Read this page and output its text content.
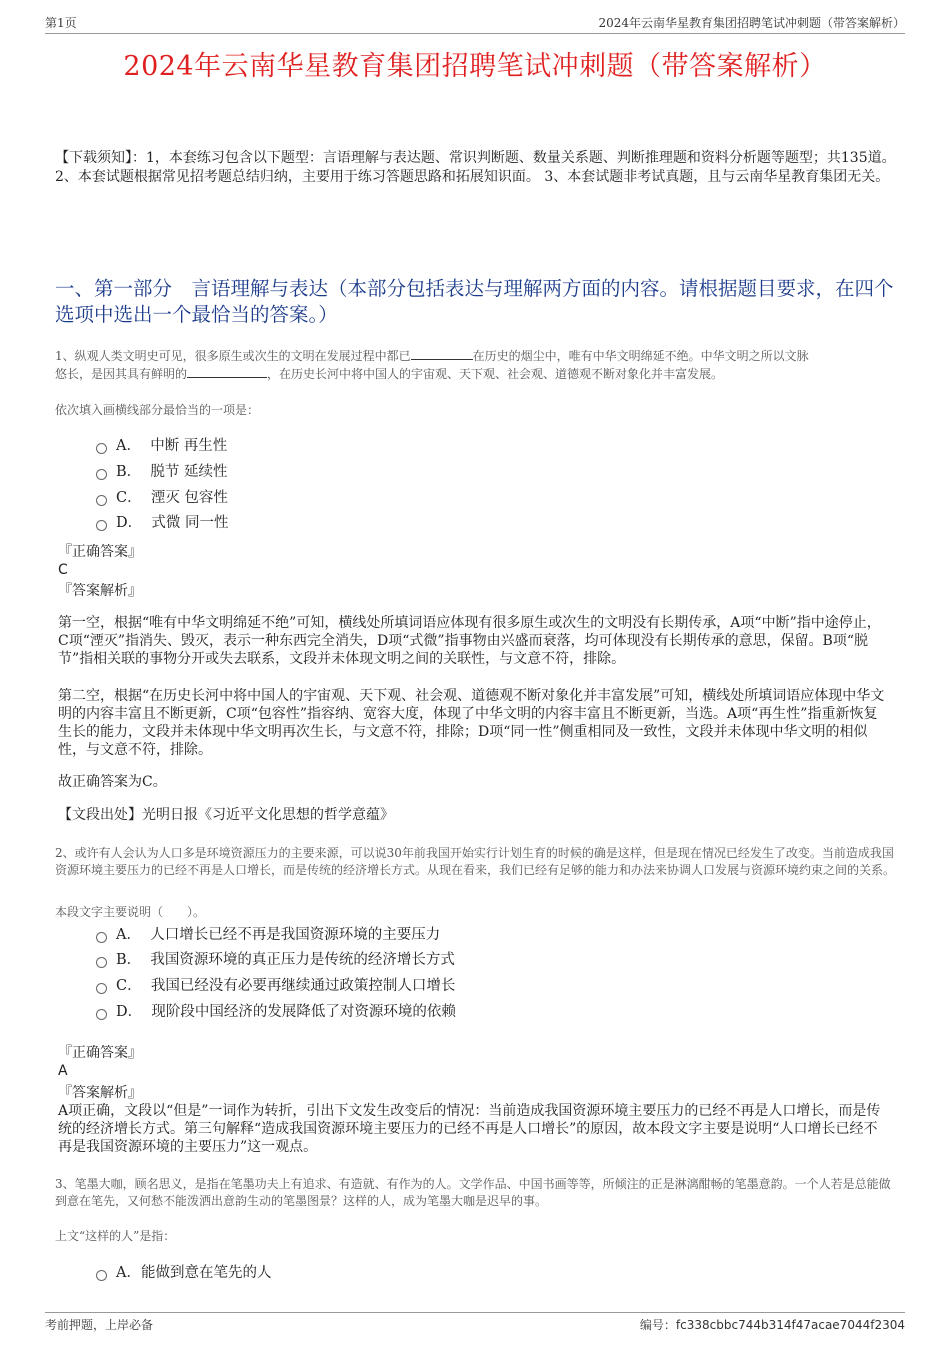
第1页	2024年云南华星教育集团招聘笔试冲刺题（带答案解析）
2024年云南华星教育集团招聘笔试冲刺题（带答案解析）
【下载须知】：1，本套练习包含以下题型：言语理解与表达题、常识判断题、数量关系题、判断推理题和资料分析题等题型；共135道。 2、本套试题根据常见招考题总结归纳，主要用于练习答题思路和拓展知识面。 3、本套试题非考试真题，且与云南华星教育集团无关。
一、第一部分　言语理解与表达（本部分包括表达与理解两方面的内容。请根据题目要求，在四个选项中选出一个最恰当的答案。）
1、纵观人类文明史可见，很多原生或次生的文明在发展过程中都已	在历史的烟尘中，唯有中华文明绵延不绝。中华文明之所以文脉
悠长，是因其具有鲜明的	，在历史长河中将中国人的宇宙观、天下观、社会观、道德观不断对象化并丰富发展。
依次填入画横线部分最恰当的一项是：
A． 中断 再生性
B． 脱节 延续性
C． 湮灭 包容性
D． 式微 同一性
『正确答案』
C
『答案解析』
第一空，根据“唯有中华文明绵延不绝”可知，横线处所填词语应体现有很多原生或次生的文明没有长期传承，A项“中断”指中途停止，C项“湮灭”指消失、毁灭，表示一种东西完全消失，D项“式微”指事物由兴盛而衰落，均可体现没有长期传承的意思，保留。B项“脱节”指相关联的事物分开或失去联系，文段并未体现文明之间的关联性，与文意不符，排除。
第二空，根据“在历史长河中将中国人的宇宙观、天下观、社会观、道德观不断对象化并丰富发展”可知，横线处所填词语应体现中华文明的内容丰富且不断更新，C项“包容性”指容纳、宽容大度，体现了中华文明的内容丰富且不断更新，当选。A项“再生性”指重新恢复生长的能力，文段并未体现中华文明再次生长，与文意不符，排除；D项“同一性”侧重相同及一致性，文段并未体现中华文明的相似性，与文意不符，排除。
故正确答案为C。
【文段出处】光明日报《习近平文化思想的哲学意蕴》
2、或许有人会认为人口多是环境资源压力的主要来源，可以说30年前我国开始实行计划生育的时候的确是这样，但是现在情况已经发生了改变。当前造成我国资源环境主要压力的已经不再是人口增长，而是传统的经济增长方式。从现在看来，我们已经有足够的能力和办法来协调人口发展与资源环境约束之间的关系。
本段文字主要说明（　　）。
A． 人口增长已经不再是我国资源环境的主要压力
B． 我国资源环境的真正压力是传统的经济增长方式
C． 我国已经没有必要再继续通过政策控制人口增长
D． 现阶段中国经济的发展降低了对资源环境的依赖
『正确答案』
A
『答案解析』
A项正确，文段以“但是”一词作为转折，引出下文发生改变后的情况：当前造成我国资源环境主要压力的已经不再是人口增长，而是传统的经济增长方式。第三句解释“造成我国资源环境主要压力的已经不再是人口增长”的原因，故本段文字主要是说明“人口增长已经不再是我国资源环境的主要压力”这一观点。
3、笔墨大咖，顾名思义，是指在笔墨功夫上有追求、有造就、有作为的人。文学作品、中国书画等等，所倾注的正是淋漓酣畅的笔墨意韵。一个人若是总能做到意在笔先，又何愁不能泼洒出意韵生动的笔墨图景？这样的人，成为笔墨大咖是迟早的事。
上文“这样的人”是指：
A．能做到意在笔先的人
考前押题，上岸必备	编号：fc338cbbc744b314f47acae7044f2304
